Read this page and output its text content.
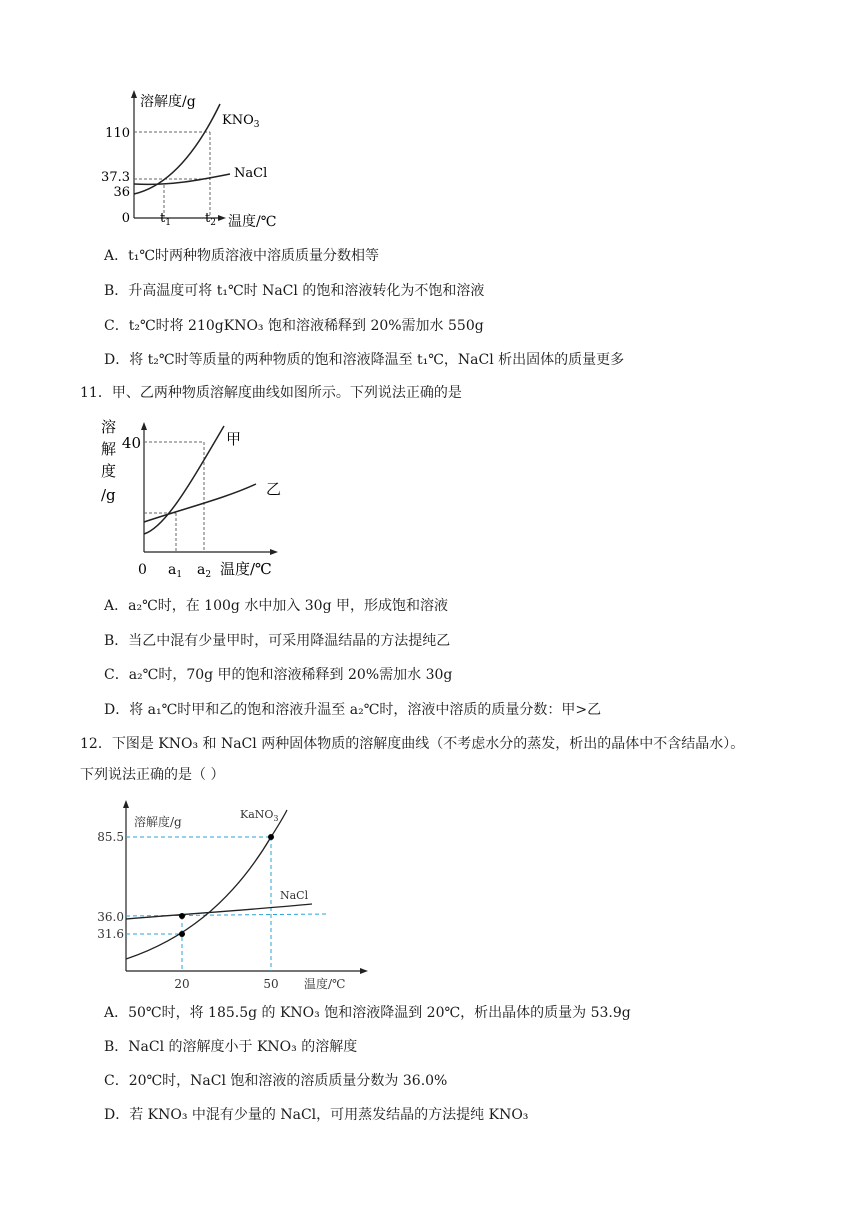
溶解度/g
$KNO_3$
NaCl
110
37.3
36
0 $t_1$	$t_2$ 温度/℃
A．t₁℃时两种物质溶液中溶质质量分数相等
B．升高温度可将 t₁℃时 NaCl 的饱和溶液转化为不饱和溶液
C．t₂℃时将 210gKNO₃ 饱和溶液稀释到 20%需加水 550g
D．将 t₂℃时等质量的两种物质的饱和溶液降温至 t₁℃，NaCl 析出固体的质量更多
11．甲、乙两种物质溶解度曲线如图所示。下列说法正确的是
溶
解
度
/g
40	甲
乙
0 $a_1$ $a_2$ 温度/℃
A．a₂℃时，在 100g 水中加入 30g 甲，形成饱和溶液
B．当乙中混有少量甲时，可采用降温结晶的方法提纯乙
C．a₂℃时，70g 甲的饱和溶液稀释到 20%需加水 30g
D．将 a₁℃时甲和乙的饱和溶液升温至 a₂℃时，溶液中溶质的质量分数：甲>乙
12．下图是 KNO₃ 和 NaCl 两种固体物质的溶解度曲线（不考虑水分的蒸发，析出的晶体中不含结晶水）。
下列说法正确的是（ ）
溶解度/g
KaNO$_3$
NaCl
85.5
36.0
31.6
20	50 温度/℃
A．50℃时，将 185.5g 的 KNO₃ 饱和溶液降温到 20℃，析出晶体的质量为 53.9g
B．NaCl 的溶解度小于 KNO₃ 的溶解度
C．20℃时，NaCl 饱和溶液的溶质质量分数为 36.0%
D．若 KNO₃ 中混有少量的 NaCl，可用蒸发结晶的方法提纯 KNO₃
